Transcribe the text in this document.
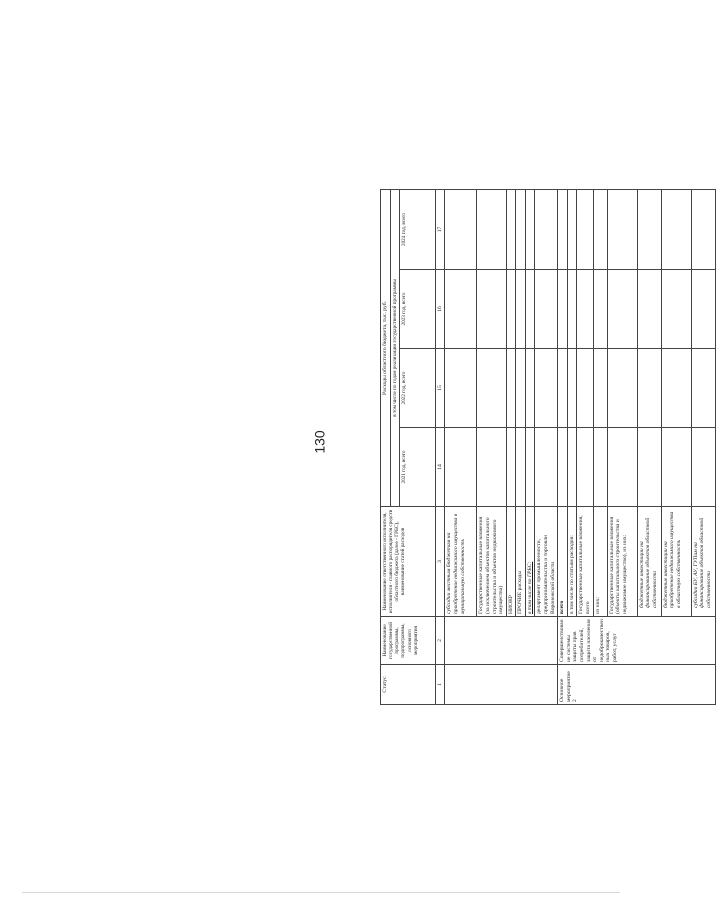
130
Статус	Наименование государственной программы, подпрограммы, основного мероприятия	Наименование ответственного исполнителя, исполнителя - главного распорядителя средств областного бюджета (далее - ГРБС), наименование статей расходов	Расходы областного бюджета, тыс. руб.			
			в том числе по годам реализации государственной программы			
			2021 год, всего	2022 год, всего	2023 год, всего	2024 год, всего
1	2	3	14	15	16	17
		субсидии местным бюджетам на приобретение недвижимого имущества в муниципальную собственность				
		Государственные капитальные вложения (за исключением объектов капитального строительства и объектов недвижимого имущества)				
		НИОКР				
		ПРОЧИЕ расходы				
		в том числе по ГРБС:				
		департамент промышленности, предпринимательства и торговли Воронежской области				
Основное мероприятие 2	Совершенствование системы защиты прав потребителей, защита населения от недоброкачественных товаров, работ, услуг	всего				
		в том числе по статьям расходов:				
		Государственные капитальные вложения, всего				
		из них:				
		Государственные капитальные вложения (объекты капитального строительства и недвижимое имущество), из них:				
		бюджетные инвестиции на финансирование объектов областной собственности				
		бюджетные инвестиции на приобретение недвижимого имущества в областную собственность				
		субсидии БУ, АУ, ГУПам на финансирование объектов областной собственности				
